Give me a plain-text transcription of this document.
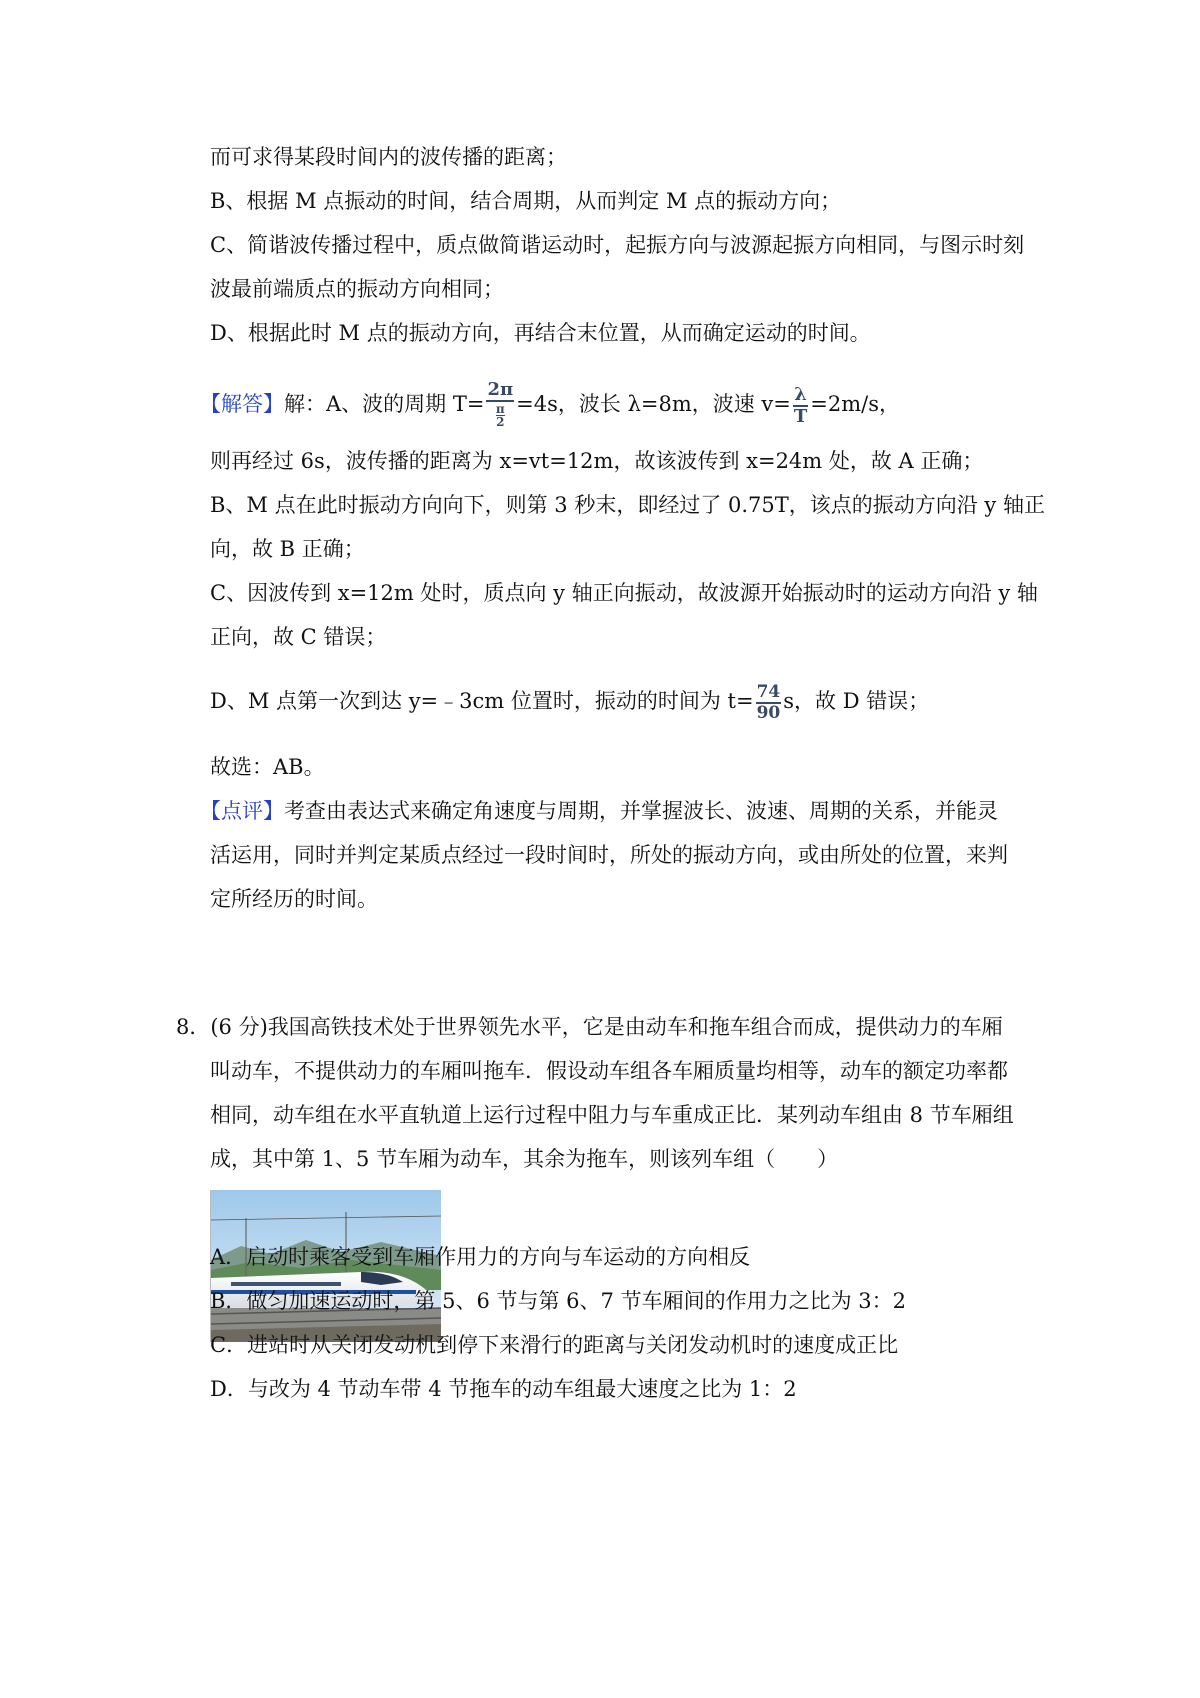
而可求得某段时间内的波传播的距离；
B、根据 M 点振动的时间，结合周期，从而判定 M 点的振动方向；
C、简谐波传播过程中，质点做简谐运动时，起振方向与波源起振方向相同，与图示时刻
波最前端质点的振动方向相同；
D、根据此时 M 点的振动方向，再结合末位置，从而确定运动的时间。
【解答】解：A、波的周期 $T= \frac{2\pi}{\frac{\pi}{2}} =4s$，波长 λ=8m，波速 $v= \frac{\lambda}{T} =2m/s$，
则再经过 6s，波传播的距离为 x=vt=12m，故该波传到 x=24m 处，故 A 正确；
B、M 点在此时振动方向向下，则第 3 秒末，即经过了 0.75T，该点的振动方向沿 y 轴正
向，故 B 正确；
C、因波传到 x=12m 处时，质点向 y 轴正向振动，故波源开始振动时的运动方向沿 y 轴
正向，故 C 错误；
D、M 点第一次到达 y=﹣3cm 位置时，振动的时间为 $t= \frac{74}{90}$ s，故 D 错误；
故选：AB。
【点评】考查由表达式来确定角速度与周期，并掌握波长、波速、周期的关系，并能灵
活运用，同时并判定某质点经过一段时间时，所处的振动方向，或由所处的位置，来判
定所经历的时间。
8．(6 分)我国高铁技术处于世界领先水平，它是由动车和拖车组合而成，提供动力的车厢
叫动车，不提供动力的车厢叫拖车．假设动车组各车厢质量均相等，动车的额定功率都
相同，动车组在水平直轨道上运行过程中阻力与车重成正比．某列动车组由 8 节车厢组
成，其中第 1、5 节车厢为动车，其余为拖车，则该列车组（　　）
A．启动时乘客受到车厢作用力的方向与车运动的方向相反
B．做匀加速运动时，第 5、6 节与第 6、7 节车厢间的作用力之比为 3：2
C．进站时从关闭发动机到停下来滑行的距离与关闭发动机时的速度成正比
D．与改为 4 节动车带 4 节拖车的动车组最大速度之比为 1：2
